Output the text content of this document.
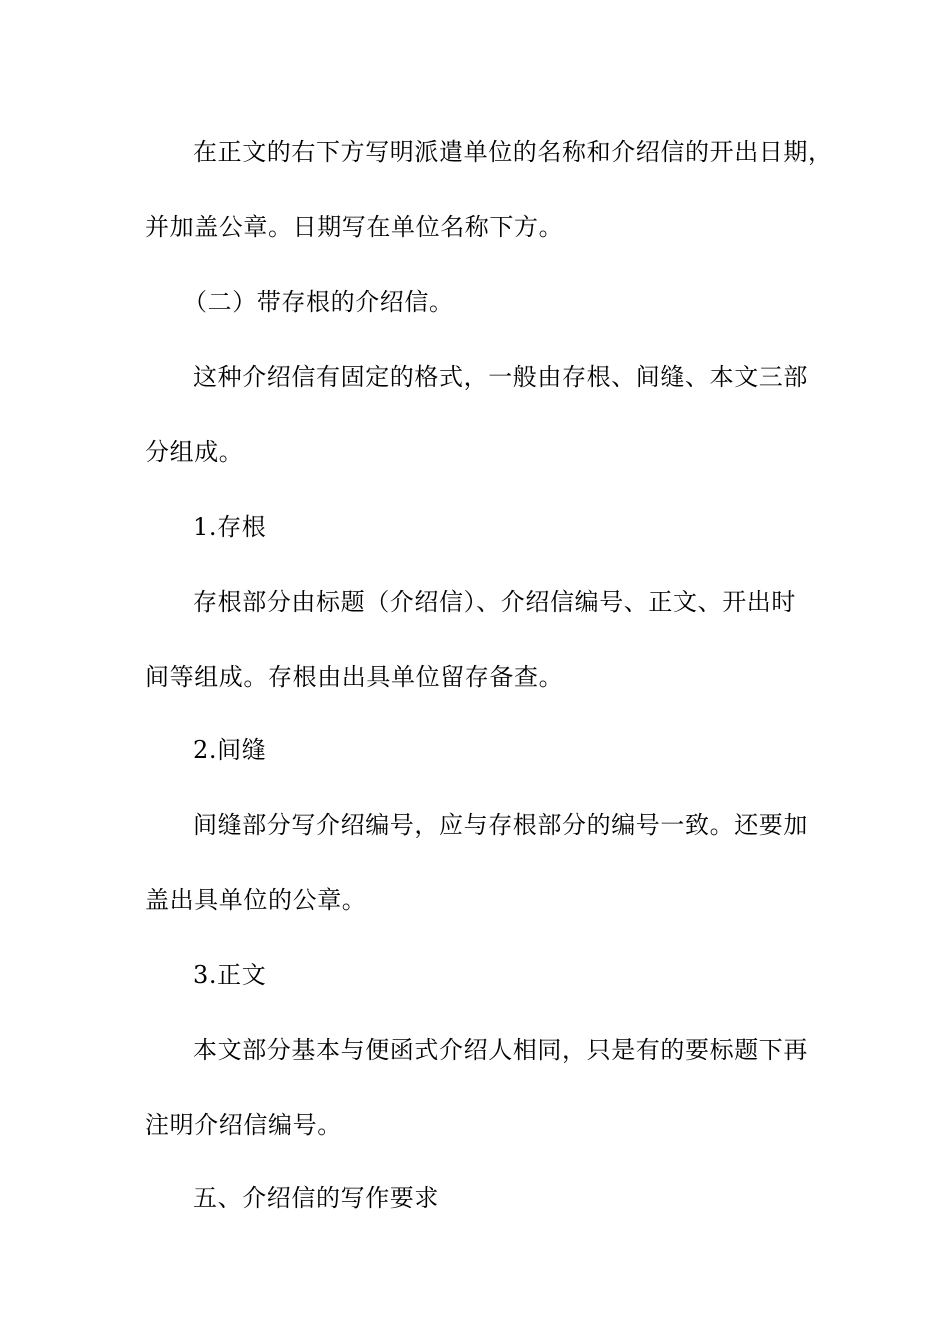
在正文的右下方写明派遣单位的名称和介绍信的开出日期，
并加盖公章。日期写在单位名称下方。
（二）带存根的介绍信。
这种介绍信有固定的格式，一般由存根、间缝、本文三部
分组成。
1.存根
存根部分由标题（介绍信）、介绍信编号、正文、开出时
间等组成。存根由出具单位留存备查。
2.间缝
间缝部分写介绍编号，应与存根部分的编号一致。还要加
盖出具单位的公章。
3.正文
本文部分基本与便函式介绍人相同，只是有的要标题下再
注明介绍信编号。
五、介绍信的写作要求
